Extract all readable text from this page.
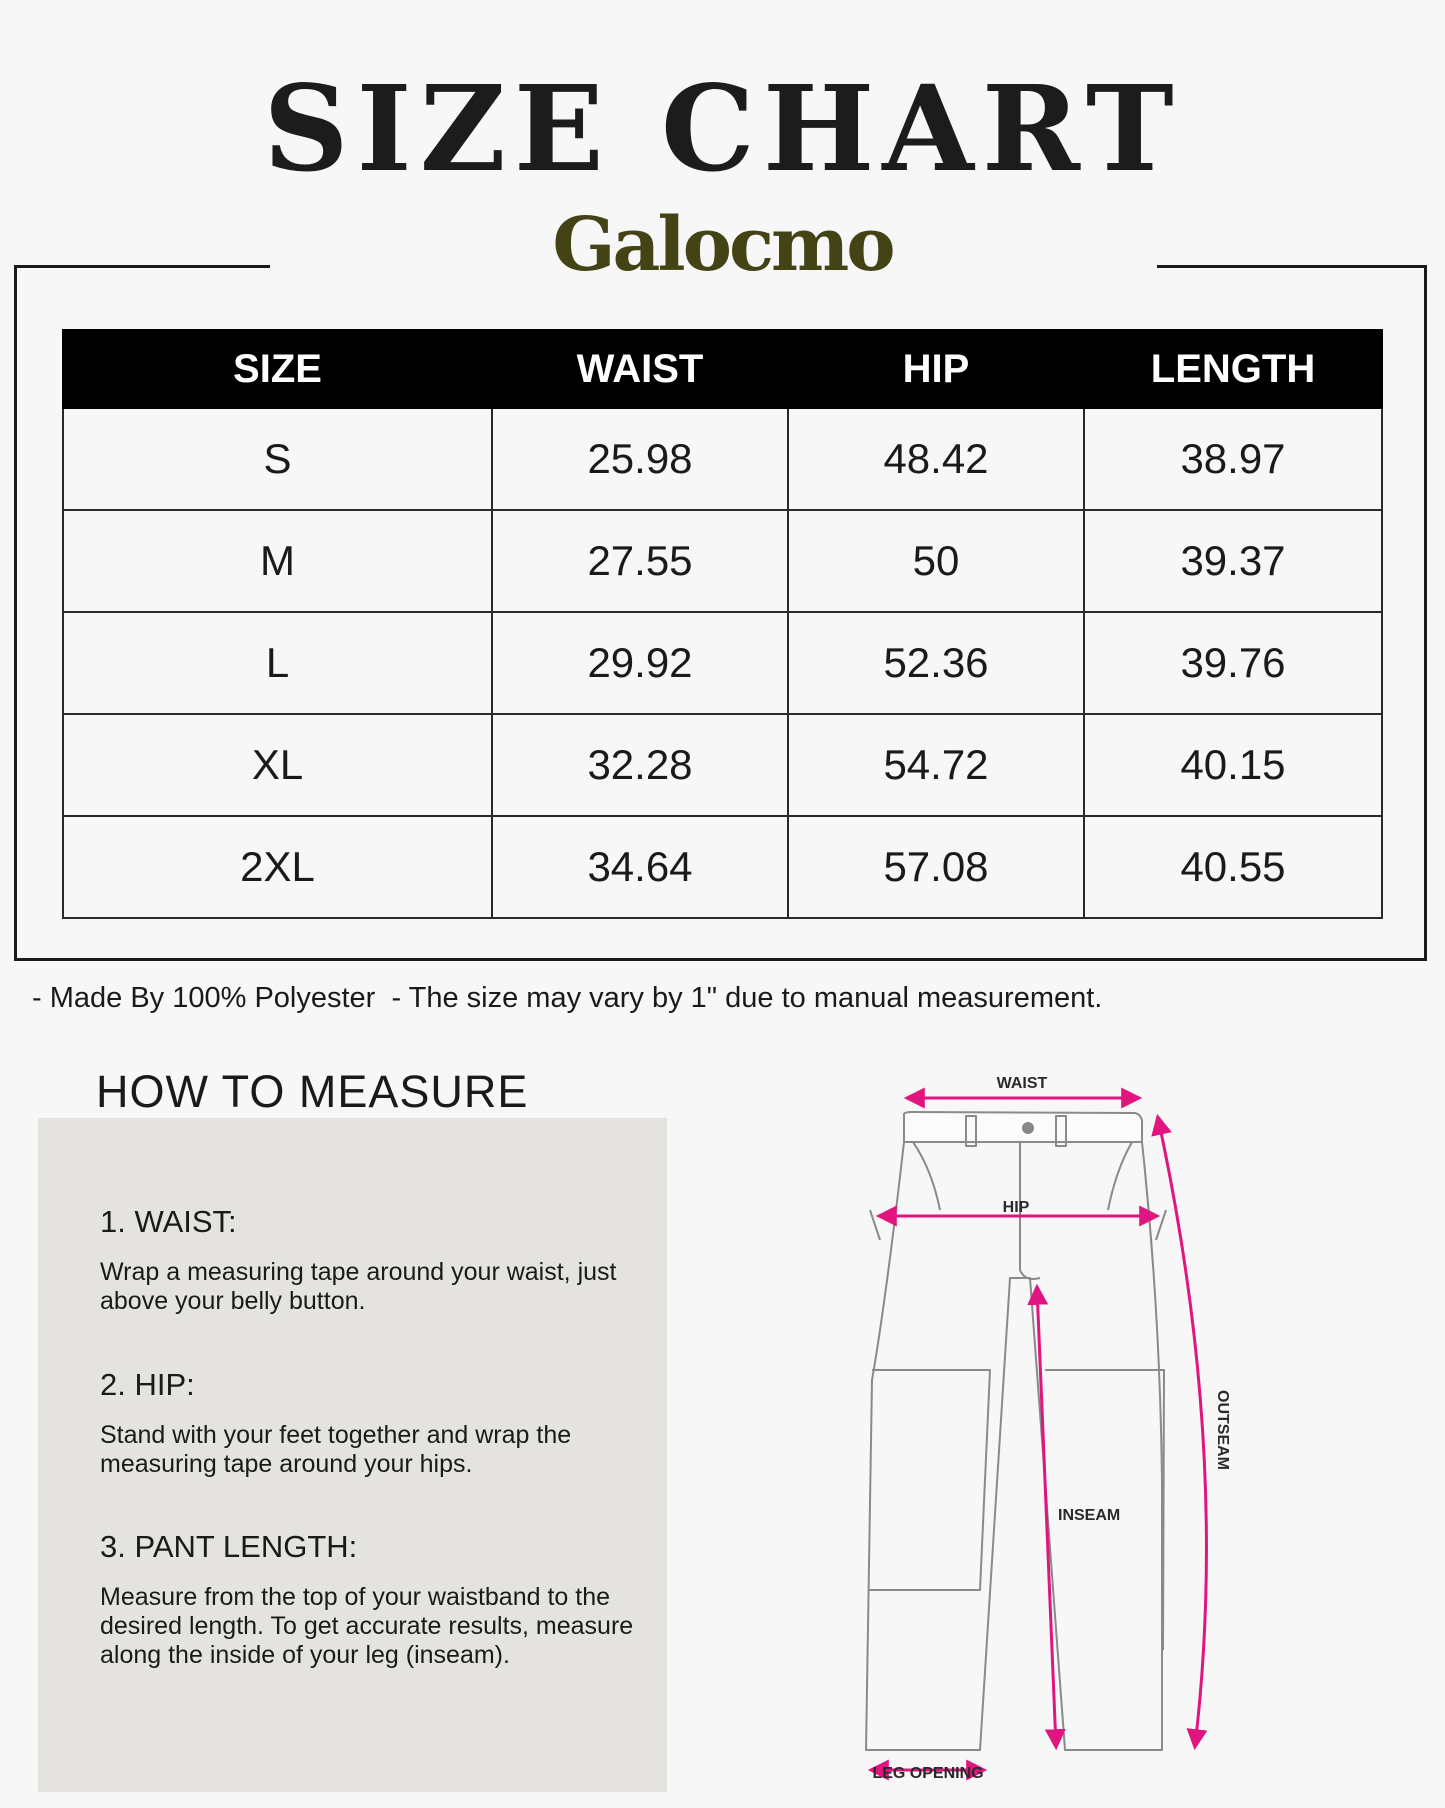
SIZE CHART
Galocmo
SIZE	WAIST	HIP	LENGTH
S	25.98	48.42	38.97
M	27.55	50	39.37
L	29.92	52.36	39.76
XL	32.28	54.72	40.15
2XL	34.64	57.08	40.55
- Made By 100% Polyester  - The size may vary by 1" due to manual measurement.
HOW TO MEASURE
1. WAIST:

Wrap a measuring tape around your waist, just above your belly button.

2. HIP:

Stand with your feet together and wrap the measuring tape around your hips.

3. PANT LENGTH:

Measure from the top of your waistband to the desired length. To get accurate results, measure along the inside of your leg (inseam).

WAIST
HIP
INSEAM
OUTSEAM
LEG OPENING
